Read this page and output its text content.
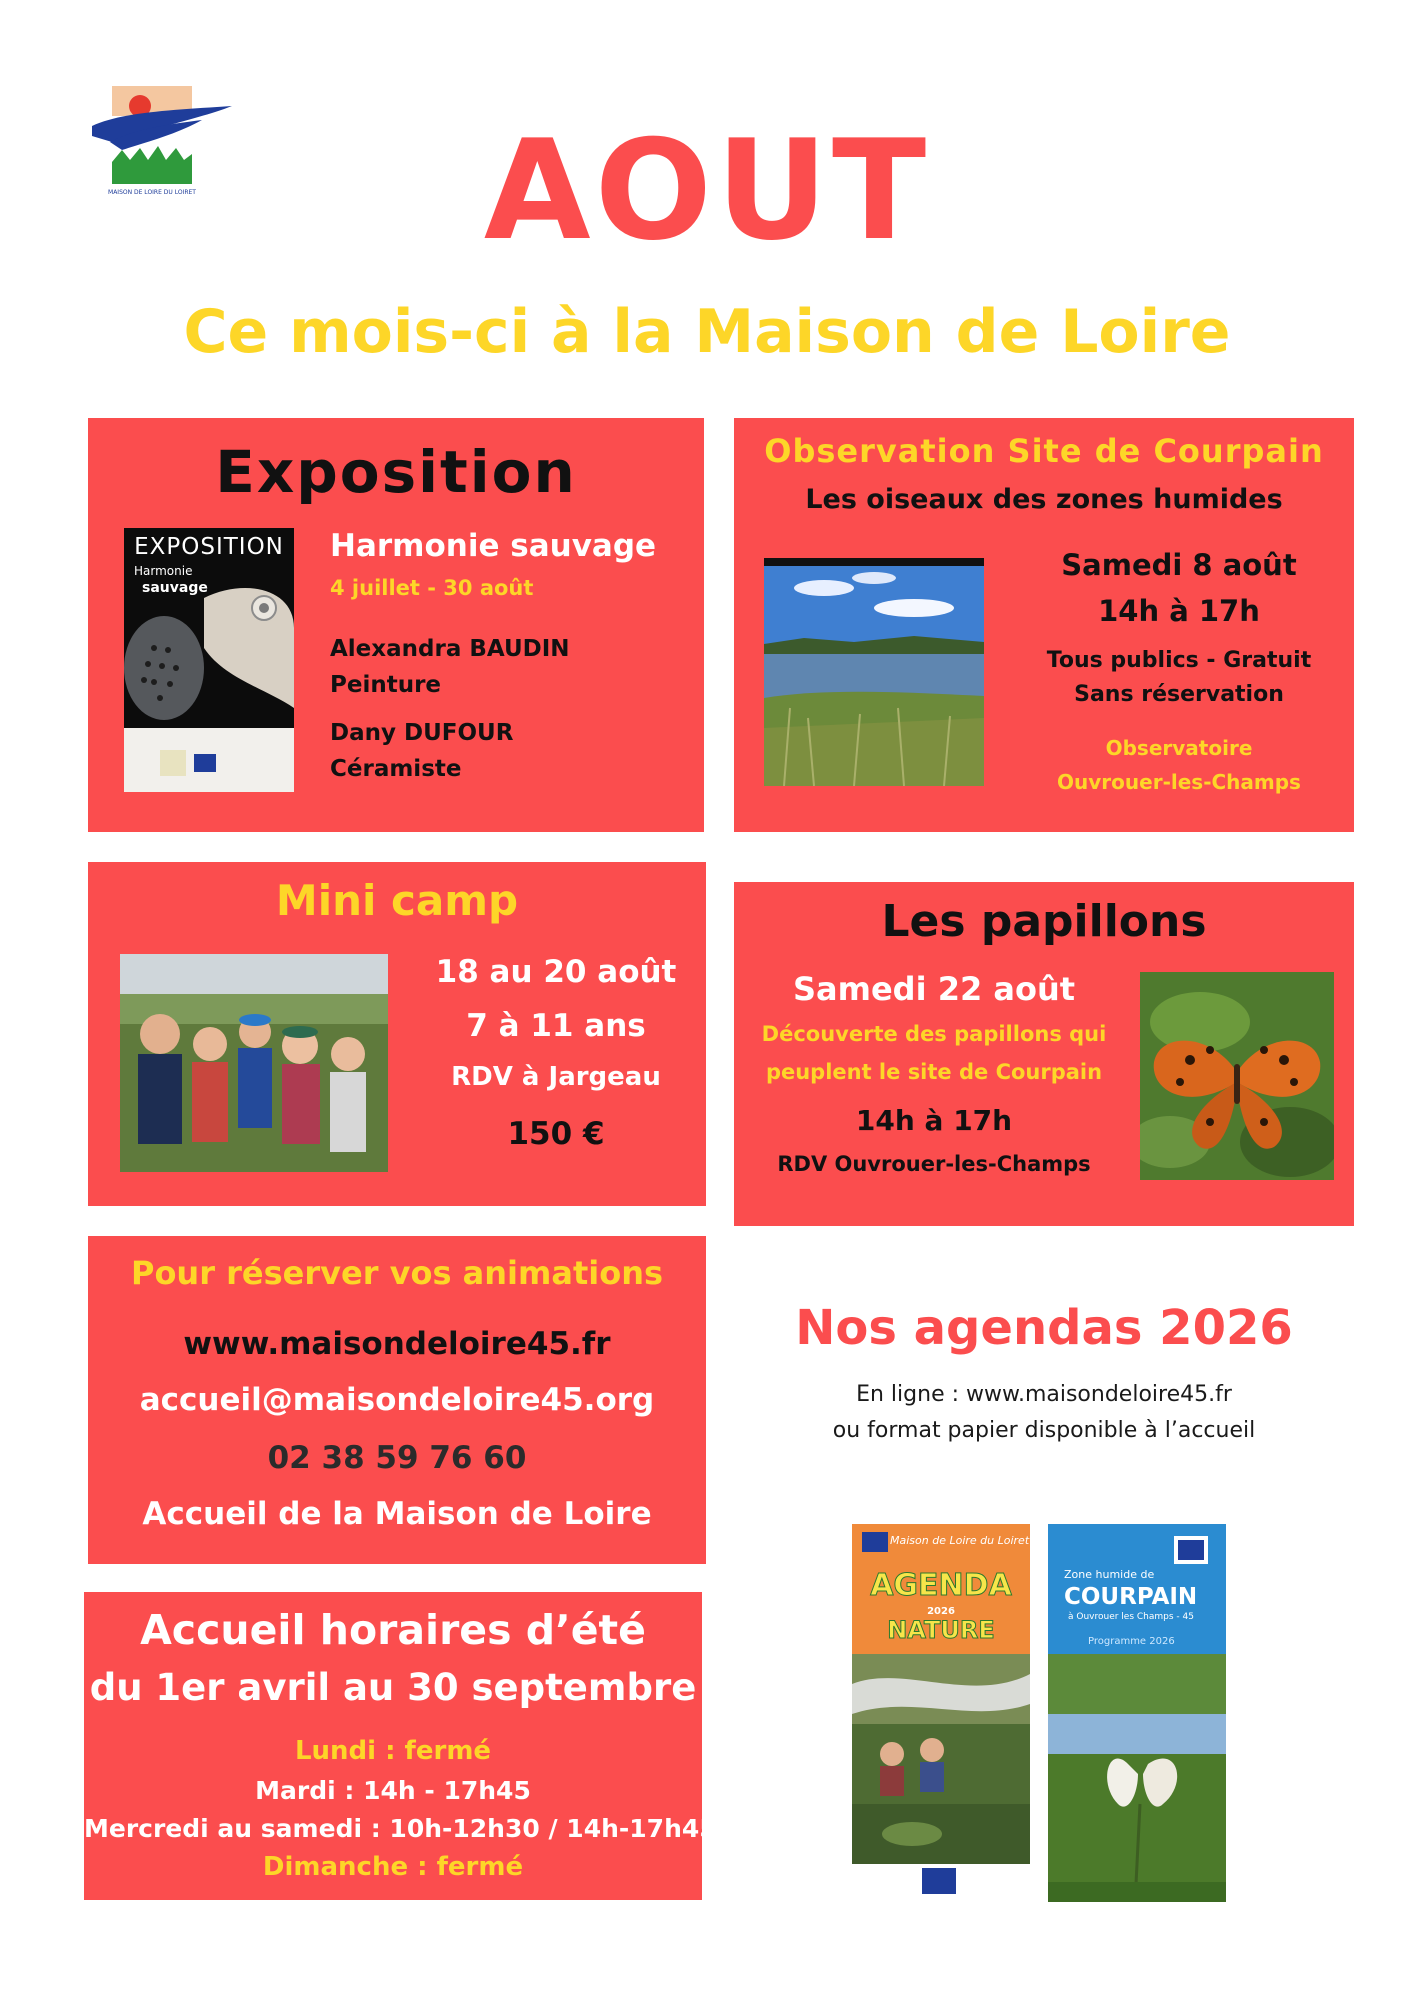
MAISON DE LOIRE DU LOIRET	AOUT
Ce mois-ci à la Maison de Loire
Exposition
EXPOSITION
Harmonie
sauvage
Harmonie sauvage
4 juillet - 30 août
Alexandra BAUDIN
Peinture
Dany DUFOUR
Céramiste
Observation Site de Courpain
Les oiseaux des zones humides
Samedi 8 août
14h à 17h
Tous publics - Gratuit
Sans réservation
Observatoire
Ouvrouer-les-Champs
Mini camp
18 au 20 août
7 à 11 ans
RDV à Jargeau
150 €
Les papillons
Samedi 22 août
Découverte des papillons qui
peuplent le site de Courpain
14h à 17h
RDV Ouvrouer-les-Champs
Pour réserver vos animations
www.maisondeloire45.fr
accueil@maisondeloire45.org
02 38 59 76 60
Accueil de la Maison de Loire
Nos agendas 2026
En ligne : www.maisondeloire45.fr
ou format papier disponible à l’accueil
Maison de Loire du Loiret
AGENDA
2026
NATURE
Zone humide de
COURPAIN
à Ouvrouer les Champs - 45
Programme 2026
Accueil horaires d’été
du 1er avril au 30 septembre
Lundi : fermé
Mardi : 14h - 17h45
Mercredi au samedi : 10h-12h30 / 14h-17h45
Dimanche : fermé
